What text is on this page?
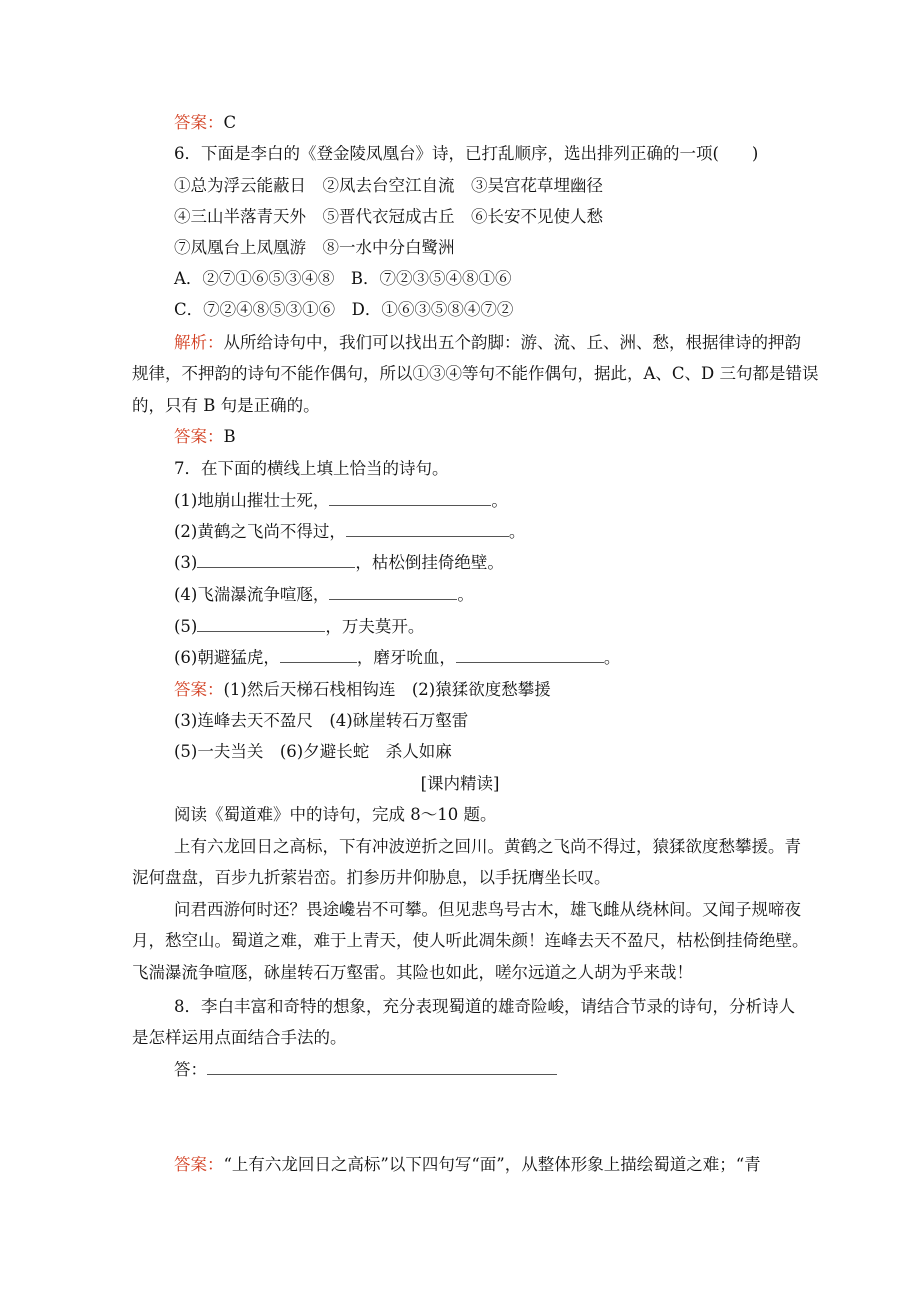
答案：C
6．下面是李白的《登金陵凤凰台》诗，已打乱顺序，选出排列正确的一项(　　)
①总为浮云能蔽日　②凤去台空江自流　③吴宫花草埋幽径
④三山半落青天外　⑤晋代衣冠成古丘　⑥长安不见使人愁
⑦凤凰台上凤凰游　⑧一水中分白鹭洲
A．②⑦①⑥⑤③④⑧　B．⑦②③⑤④⑧①⑥
C．⑦②④⑧⑤③①⑥　D．①⑥③⑤⑧④⑦②
解析：从所给诗句中，我们可以找出五个韵脚：游、流、丘、洲、愁，根据律诗的押韵
规律，不押韵的诗句不能作偶句，所以①③④等句不能作偶句，据此，A、C、D 三句都是错误
的，只有 B 句是正确的。
答案：B
7．在下面的横线上填上恰当的诗句。
(1)地崩山摧壮士死，	。
(2)黄鹤之飞尚不得过，	。
(3)	，枯松倒挂倚绝壁。
(4)飞湍瀑流争喧豗，	。
(5)	，万夫莫开。
(6)朝避猛虎，	，磨牙吮血，	。
答案：(1)然后天梯石栈相钩连　(2)猿猱欲度愁攀援
(3)连峰去天不盈尺　(4)砯崖转石万壑雷
(5)一夫当关　(6)夕避长蛇　杀人如麻
[课内精读]
阅读《蜀道难》中的诗句，完成 8～10 题。
上有六龙回日之高标，下有冲波逆折之回川。黄鹤之飞尚不得过，猿猱欲度愁攀援。青
泥何盘盘，百步九折萦岩峦。扪参历井仰胁息，以手抚膺坐长叹。
问君西游何时还？畏途巉岩不可攀。但见悲鸟号古木，雄飞雌从绕林间。又闻子规啼夜
月，愁空山。蜀道之难，难于上青天，使人听此凋朱颜！连峰去天不盈尺，枯松倒挂倚绝壁。
飞湍瀑流争喧豗，砯崖转石万壑雷。其险也如此，嗟尔远道之人胡为乎来哉！
8．李白丰富和奇特的想象，充分表现蜀道的雄奇险峻，请结合节录的诗句，分析诗人
是怎样运用点面结合手法的。
答：
答案：“上有六龙回日之高标”以下四句写“面”，从整体形象上描绘蜀道之难；“青
